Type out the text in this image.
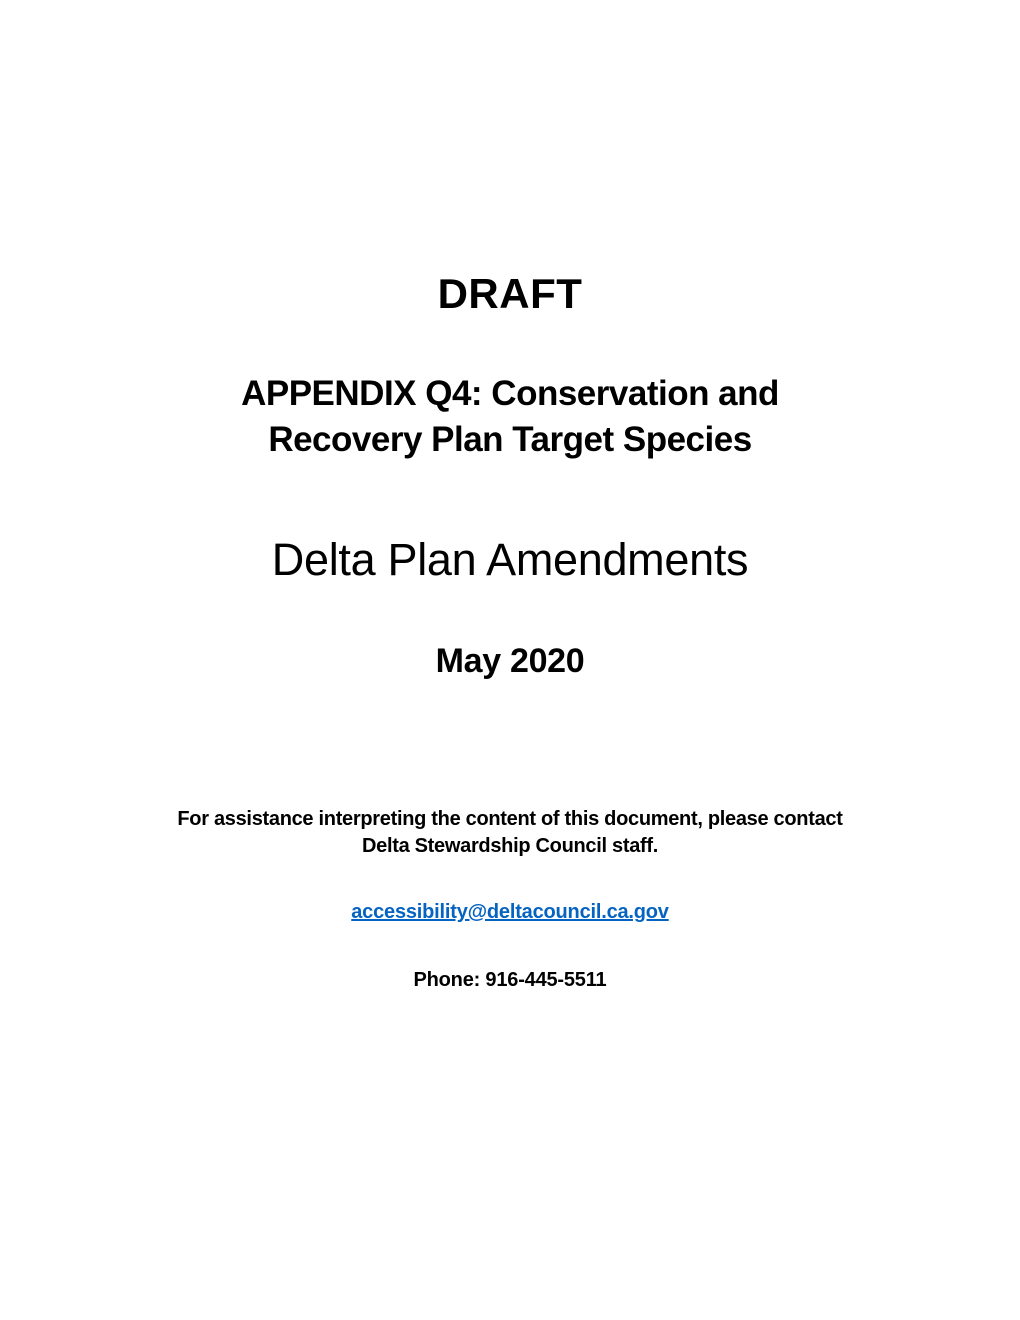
DRAFT
APPENDIX Q4: Conservation and
Recovery Plan Target Species
Delta Plan Amendments
May 2020
For assistance interpreting the content of this document, please contact
Delta Stewardship Council staff.
accessibility@deltacouncil.ca.gov
Phone: 916-445-5511
